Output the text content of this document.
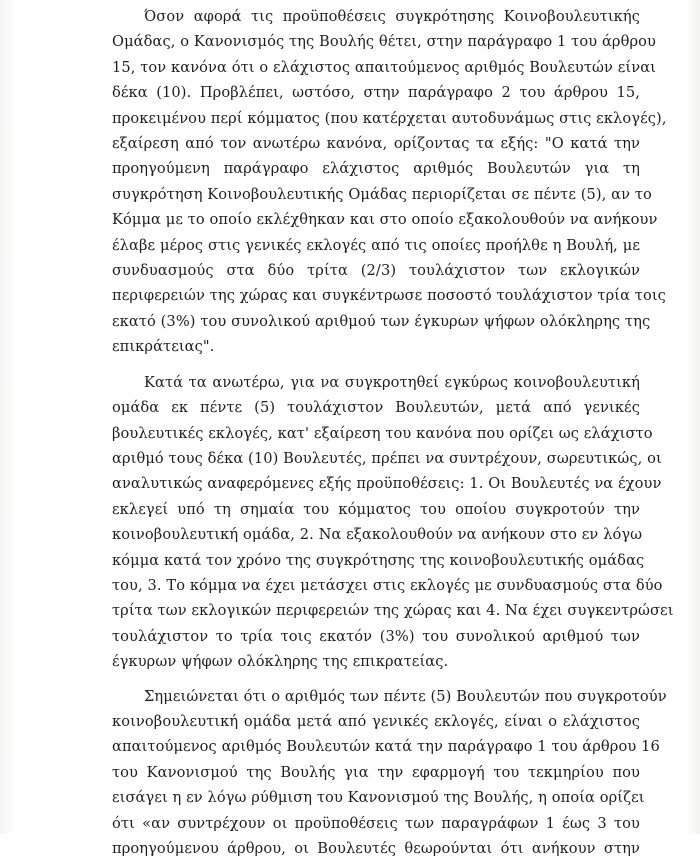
Όσον αφορά τις προϋποθέσεις συγκρότησης Κοινοβουλευτικής
Ομάδας, ο Κανονισμός της Βουλής θέτει, στην παράγραφο 1 του άρθρου
15, τον κανόνα ότι ο ελάχιστος απαιτούμενος αριθμός Βουλευτών είναι
δέκα (10). Προβλέπει, ωστόσο, στην παράγραφο 2 του άρθρου 15,
προκειμένου περί κόμματος (που κατέρχεται αυτοδυνάμως στις εκλογές),
εξαίρεση από τον ανωτέρω κανόνα, ορίζοντας τα εξής: "Ο κατά την
προηγούμενη παράγραφο ελάχιστος αριθμός Βουλευτών για τη
συγκρότηση Κοινοβουλευτικής Ομάδας περιορίζεται σε πέντε (5), αν το
Κόμμα με το οποίο εκλέχθηκαν και στο οποίο εξακολουθούν να ανήκουν
έλαβε μέρος στις γενικές εκλογές από τις οποίες προήλθε η Βουλή, με
συνδυασμούς στα δύο τρίτα (2/3) τουλάχιστον των εκλογικών
περιφερειών της χώρας και συγκέντρωσε ποσοστό τουλάχιστον τρία τοις
εκατό (3%) του συνολικού αριθμού των έγκυρων ψήφων ολόκληρης της
επικράτειας".

Κατά τα ανωτέρω, για να συγκροτηθεί εγκύρως κοινοβουλευτική
ομάδα εκ πέντε (5) τουλάχιστον Βουλευτών, μετά από γενικές
βουλευτικές εκλογές, κατ' εξαίρεση του κανόνα που ορίζει ως ελάχιστο
αριθμό τους δέκα (10) Βουλευτές, πρέπει να συντρέχουν, σωρευτικώς, οι
αναλυτικώς αναφερόμενες εξής προϋποθέσεις: 1. Οι Βουλευτές να έχουν
εκλεγεί υπό τη σημαία του κόμματος του οποίου συγκροτούν την
κοινοβουλευτική ομάδα, 2. Να εξακολουθούν να ανήκουν στο εν λόγω
κόμμα κατά τον χρόνο της συγκρότησης της κοινοβουλευτικής ομάδας
του, 3. Το κόμμα να έχει μετάσχει στις εκλογές με συνδυασμούς στα δύο
τρίτα των εκλογικών περιφερειών της χώρας και 4. Να έχει συγκεντρώσει
τουλάχιστον το τρία τοις εκατόν (3%) του συνολικού αριθμού των
έγκυρων ψήφων ολόκληρης της επικρατείας.

Σημειώνεται ότι ο αριθμός των πέντε (5) Βουλευτών που συγκροτούν
κοινοβουλευτική ομάδα μετά από γενικές εκλογές, είναι ο ελάχιστος
απαιτούμενος αριθμός Βουλευτών κατά την παράγραφο 1 του άρθρου 16
του Κανονισμού της Βουλής για την εφαρμογή του τεκμηρίου που
εισάγει η εν λόγω ρύθμιση του Κανονισμού της Βουλής, η οποία ορίζει
ότι «αν συντρέχουν οι προϋποθέσεις των παραγράφων 1 έως 3 του
προηγούμενου άρθρου, οι Βουλευτές θεωρούνται ότι ανήκουν στην
